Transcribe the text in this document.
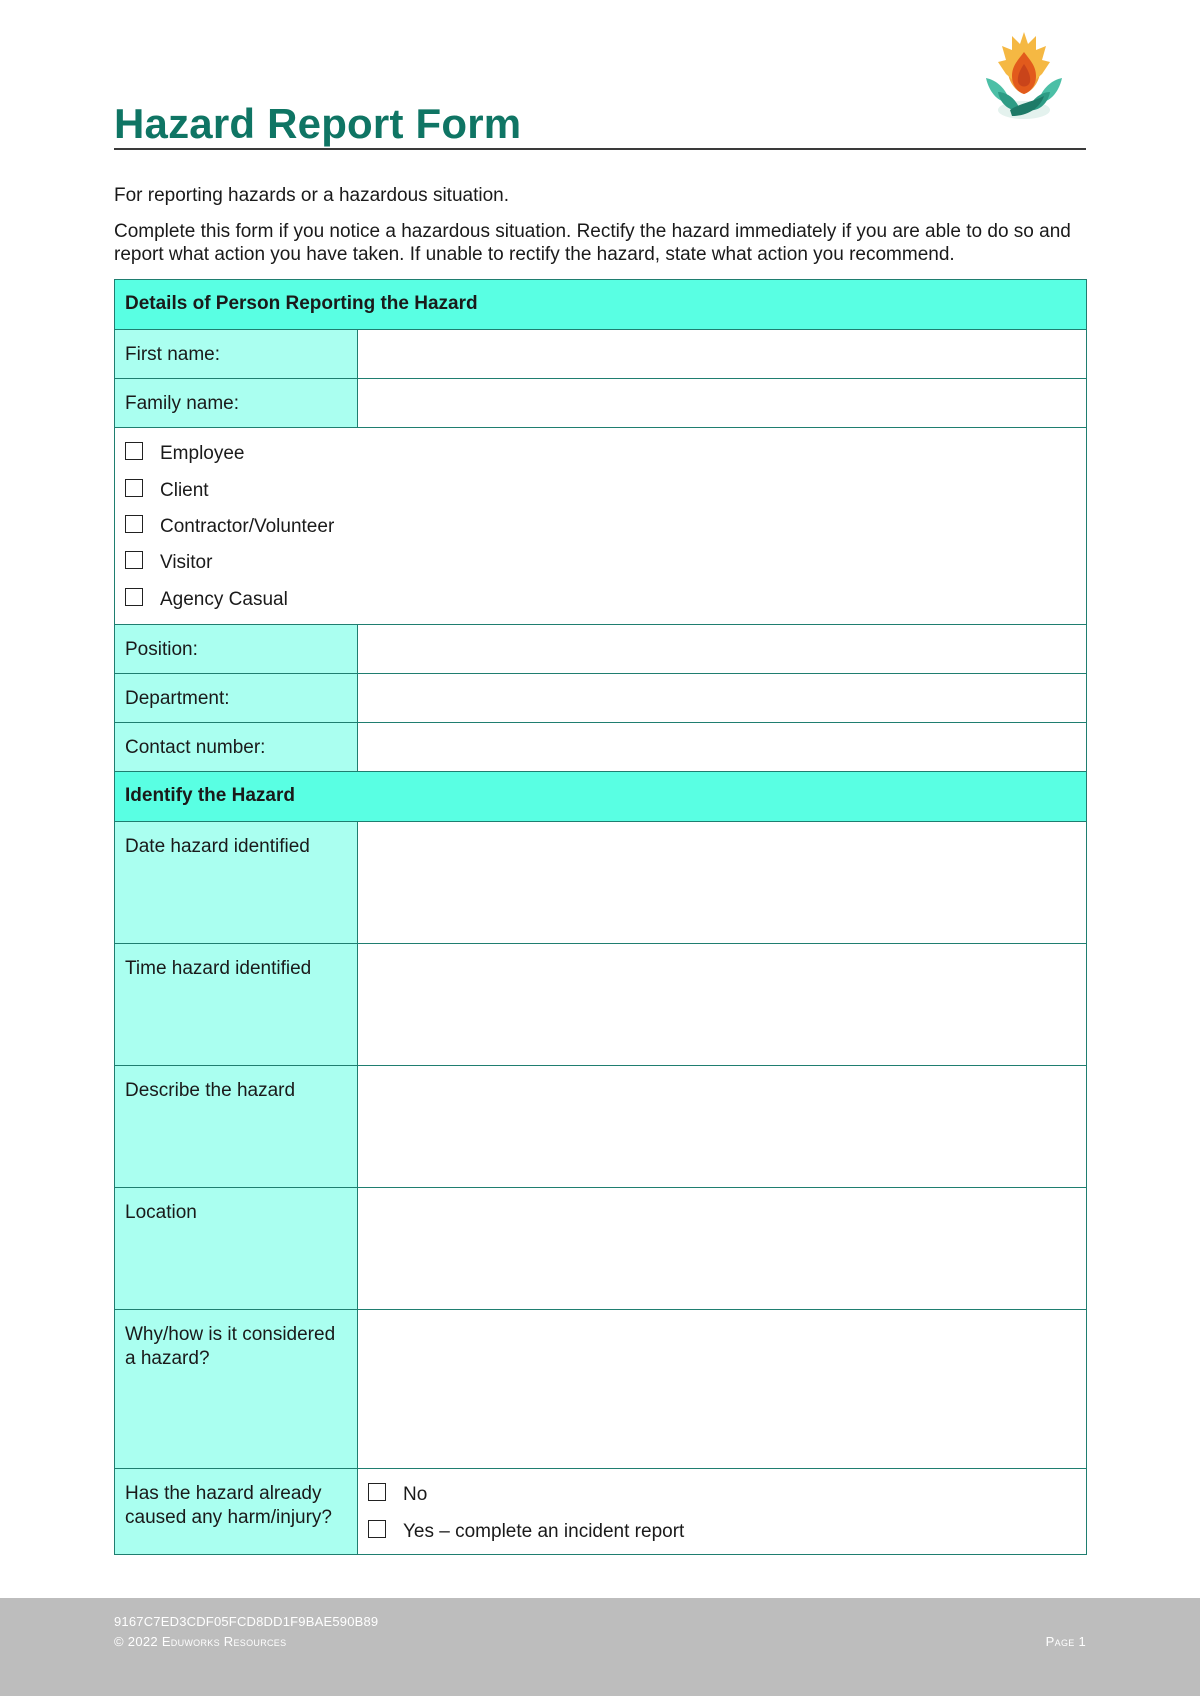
Hazard Report Form
For reporting hazards or a hazardous situation.
Complete this form if you notice a hazardous situation. Rectify the hazard immediately if you are able to do so and report what action you have taken. If unable to rectify the hazard, state what action you recommend.
Details of Person Reporting the Hazard	
First name:	
Family name:	

Employee
Client
Contractor/Volunteer
Visitor
Agency Casual	

Position:	
Department:	
Contact number:	
Identify the Hazard	
Date hazard identified	
Time hazard identified	
Describe the hazard	
Location	
Why/how is it considered a hazard?	
Has the hazard already caused any harm/injury?	No
Yes – complete an incident report
9167C7ED3CDF05FCD8DD1F9BAE590B89
© 2022 Eduworks Resources	Page 1
